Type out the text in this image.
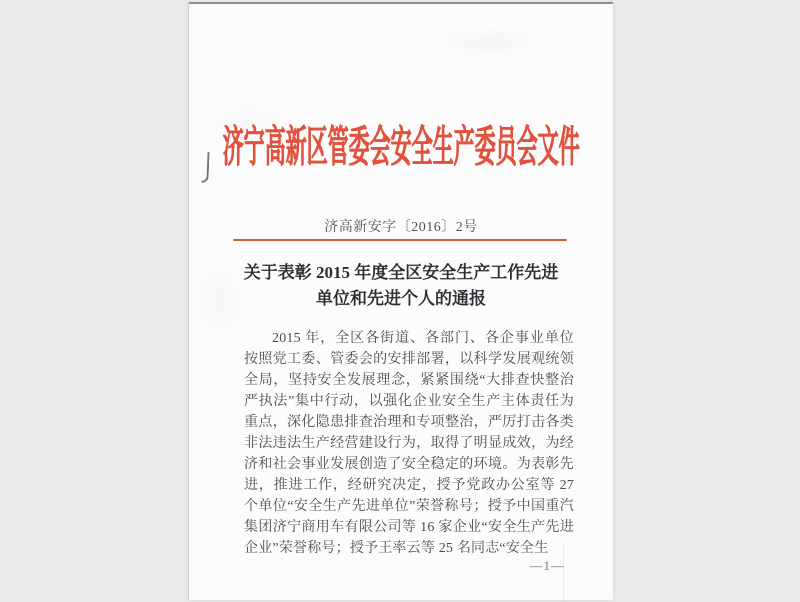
济宁高新区管委会安全生产委员会文件
济高新安字〔2016〕2号
关于表彰 2015 年度全区安全生产工作先进
单位和先进个人的通报

2015 年，全区各街道、各部门、各企事业单位按照党工委、管委会的安排部署，以科学发展观统领全局，坚持安全发展理念，紧紧围绕“大排查快整治严执法”集中行动，以强化企业安全生产主体责任为重点，深化隐患排查治理和专项整治，严厉打击各类非法违法生产经营建设行为，取得了明显成效，为经济和社会事业发展创造了安全稳定的环境。为表彰先进，推进工作，经研究决定，授予党政办公室等 27 个单位“安全生产先进单位”荣誉称号；授予中国重汽集团济宁商用车有限公司等 16 家企业“安全生产先进企业”荣誉称号；授予王率云等 25 名同志“安全生

—1—
